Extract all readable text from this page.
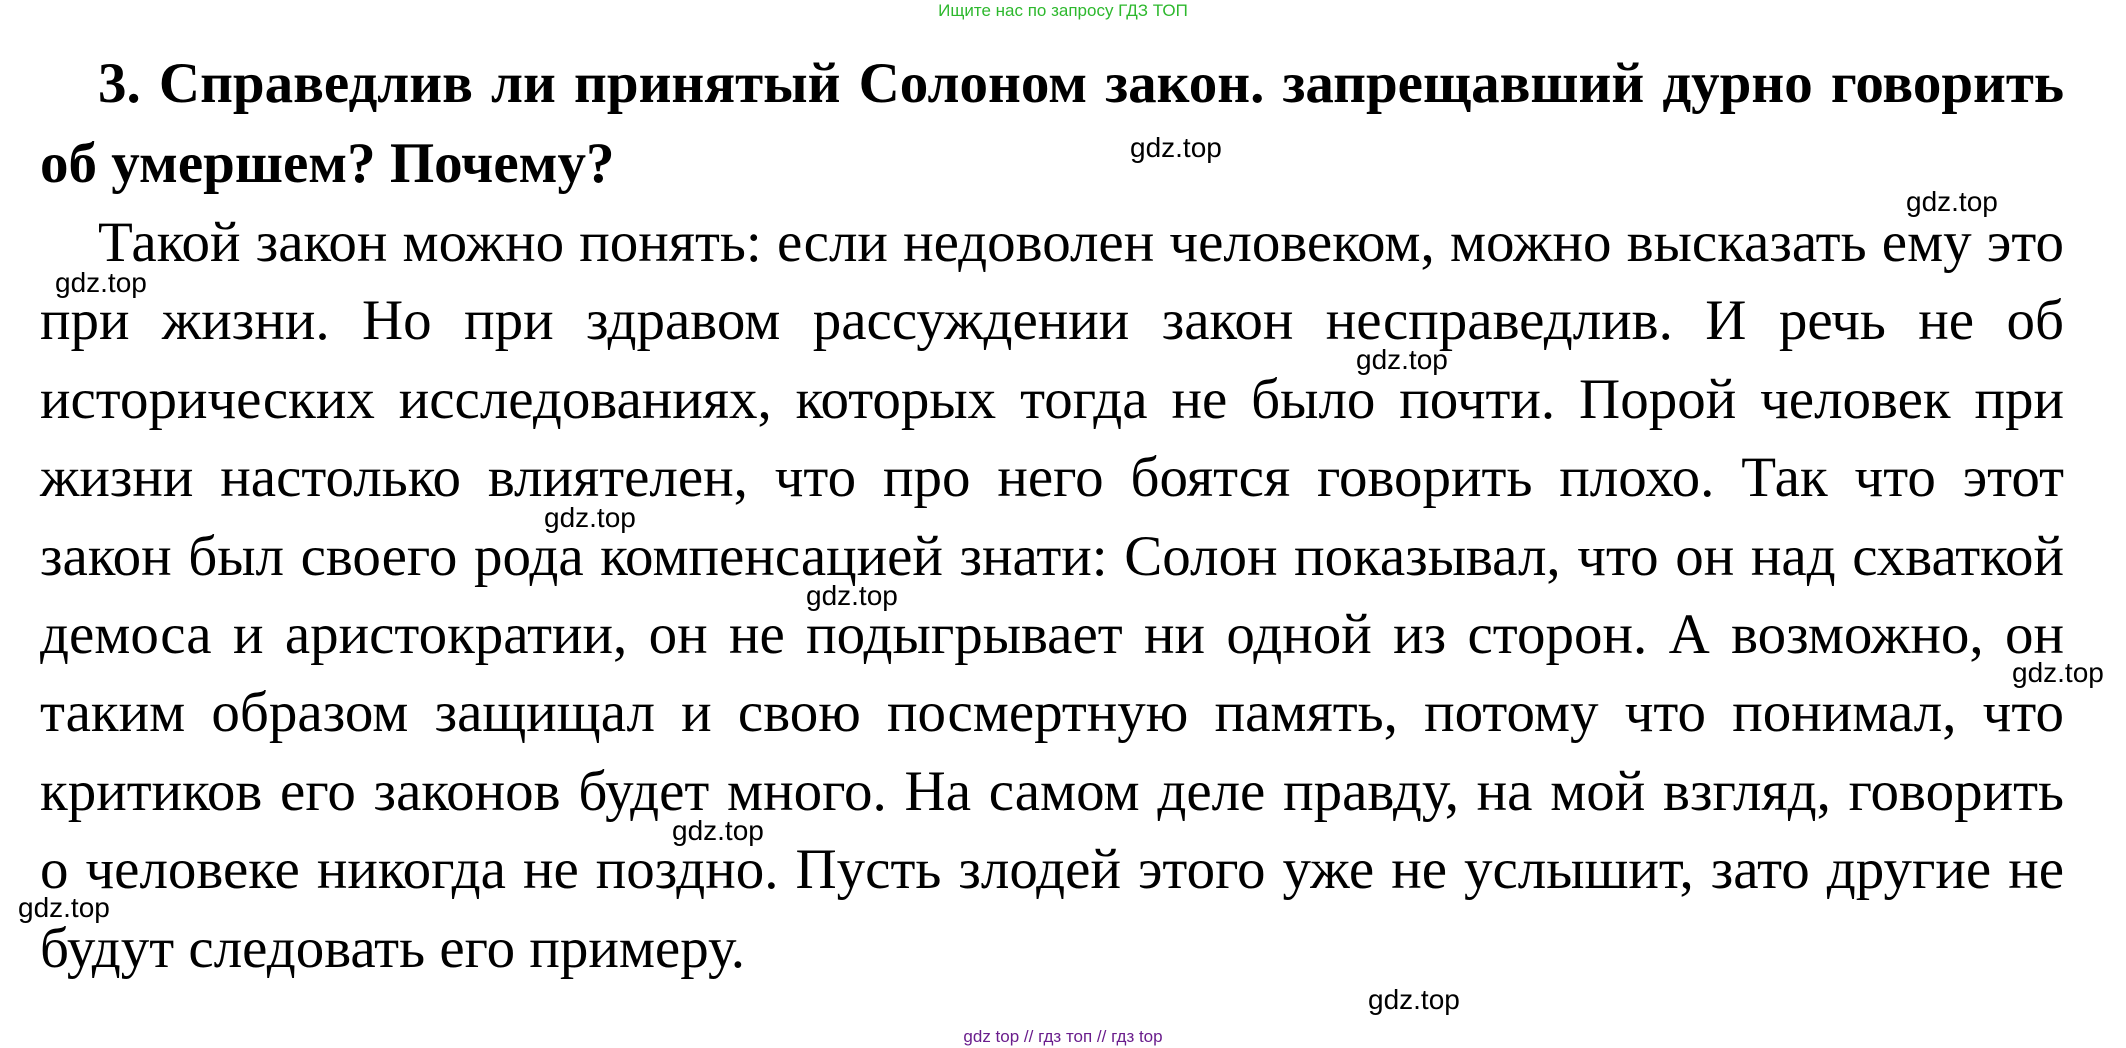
Ищите нас по запросу ГДЗ ТОП

3. Справедлив ли принятый Солоном закон. запрещавший дурно говорить об умершем? Почему?

Такой закон можно понять: если недоволен человеком, можно высказать ему это при жизни. Но при здравом рассуждении закон несправедлив. И речь не об исторических исследованиях, которых тогда не было почти. Порой человек при жизни настолько влиятелен, что про него боятся говорить плохо. Так что этот закон был своего рода компенсацией знати: Солон показывал, что он над схваткой демоса и аристократии, он не подыгрывает ни одной из сторон. А возможно, он таким образом защищал и свою посмертную память, потому что понимал, что критиков его законов будет много. На самом деле правду, на мой взгляд, говорить о человеке никогда не поздно. Пусть злодей этого уже не услышит, зато другие не будут следовать его примеру.

gdz.top
gdz.top
gdz.top
gdz.top
gdz.top
gdz.top
gdz.top
gdz.top
gdz.top
gdz.top
gdz top // гдз топ // гдз top
